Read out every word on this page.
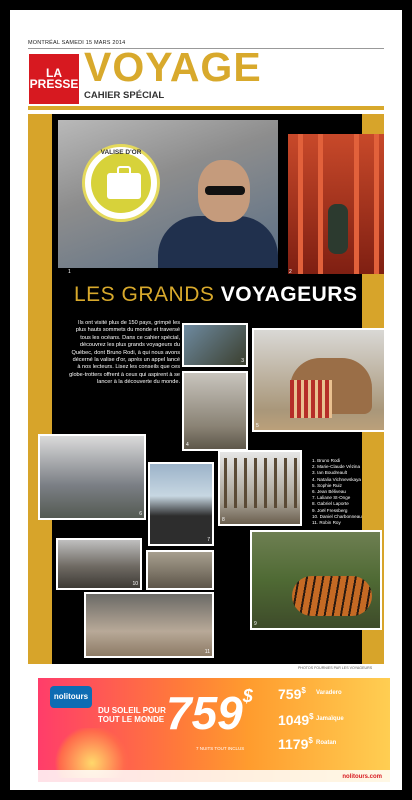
MONTRÉAL SAMEDI 15 MARS 2014
LA
PRESSE VOYAGE
CAHIER SPÉCIAL
VALISE D'OR
1	2
LES GRANDS VOYAGEURS
Ils ont visité plus de 150 pays, grimpé les plus hauts sommets du monde et traversé tous les océans. Dans ce cahier spécial, découvrez les plus grands voyageurs du Québec, dont Bruno Rodi, à qui nous avons décerné la valise d'or, après un appel lancé à nos lecteurs. Lisez les conseils que ces globe-trotters offrent à ceux qui aspirent à se lancer à la découverte du monde.
3
4
5
6
7
8
1. Bruno Rodi
2. Marie-Claude Vézina
3. Ian Boudreault
4. Natalia Vichnevskaya
5. Sophie Ruiz
6. Jean Béliveau
7. Laliane St-Onge
8. Gabriel Laporte
9. Joël Fressberg
10. Daniel Charbonneau
11. Robin Roy
9
10
11
PHOTOS FOURNIES PAR LES VOYAGEURS
nolitours
DU SOLEIL POUR
TOUT LE MONDE 759$
7 NUITS TOUT INCLUS
759$ Varadero
1049$ Jamaïque
1179$ Roatan
nolitours.com
